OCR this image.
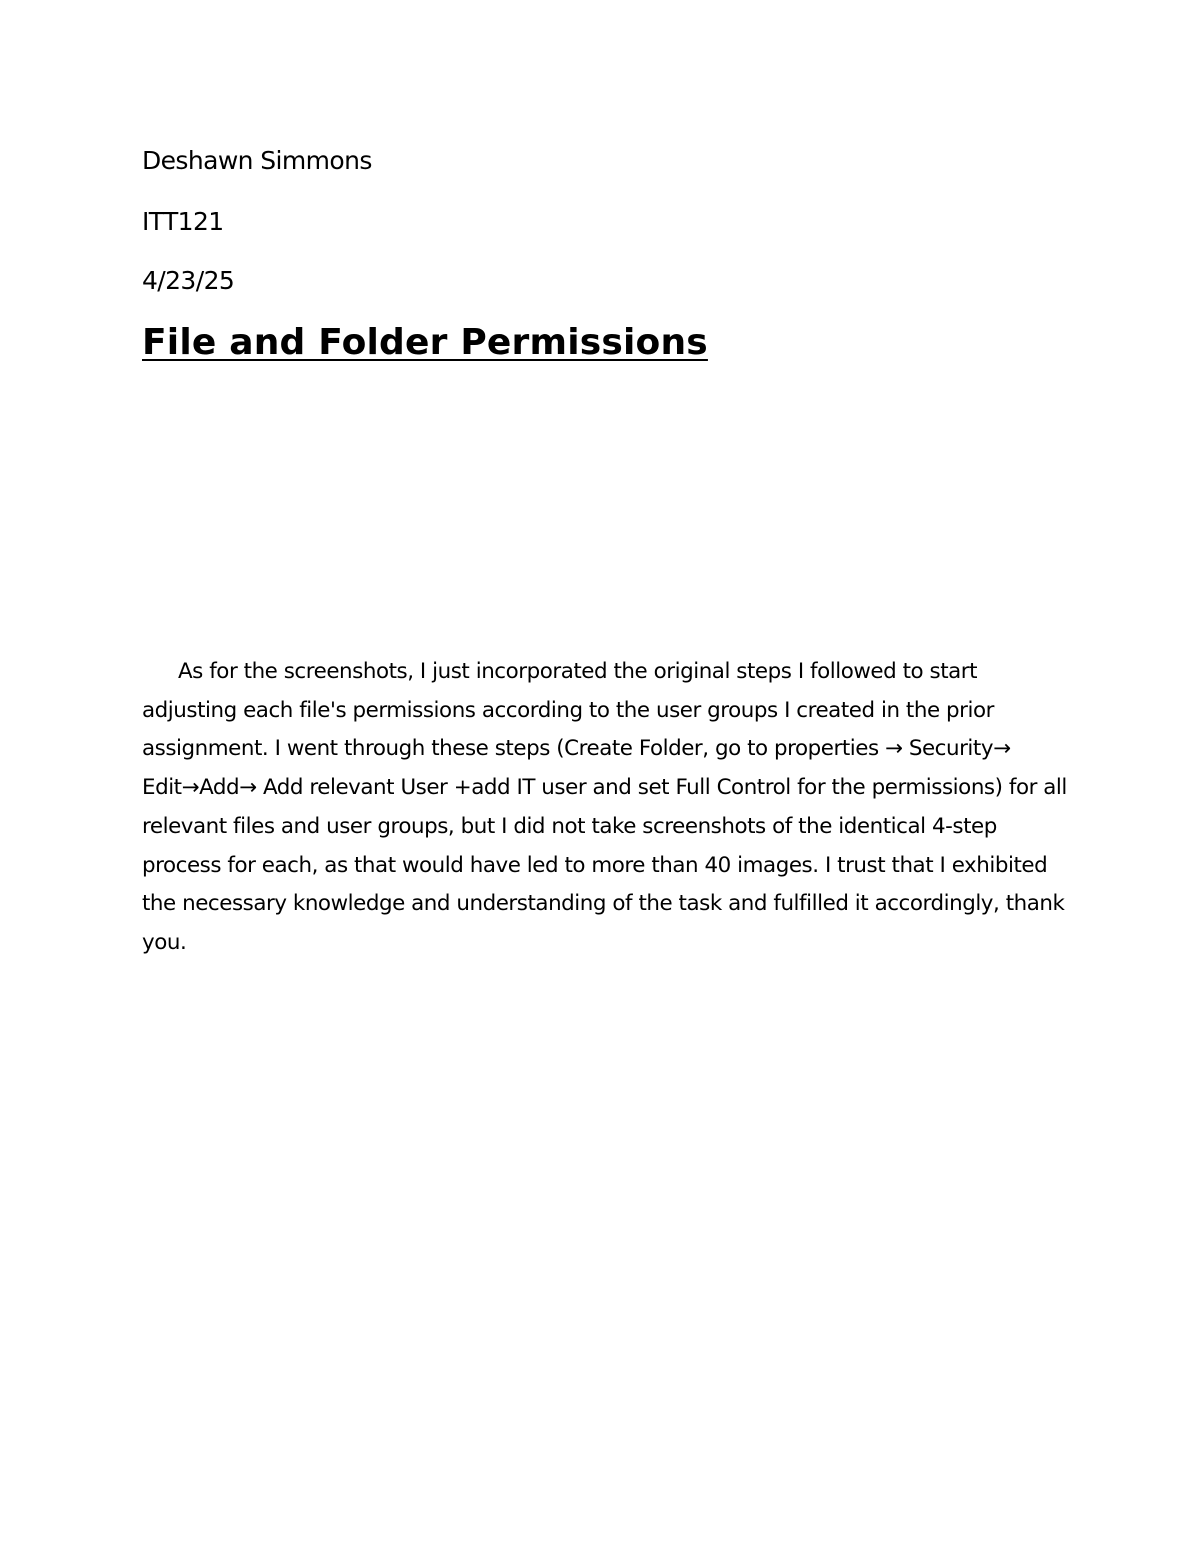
Deshawn Simmons

ITT121

4/23/25

File and Folder Permissions

As for the screenshots, I just incorporated the original steps I followed to start adjusting each file's permissions according to the user groups I created in the prior assignment. I went through these steps (Create Folder, go to properties → Security→ Edit→Add→ Add relevant User +add IT user and set Full Control for the permissions) for all relevant files and user groups, but I did not take screenshots of the identical 4-step process for each, as that would have led to more than 40 images. I trust that I exhibited the necessary knowledge and understanding of the task and fulfilled it accordingly, thank you.
